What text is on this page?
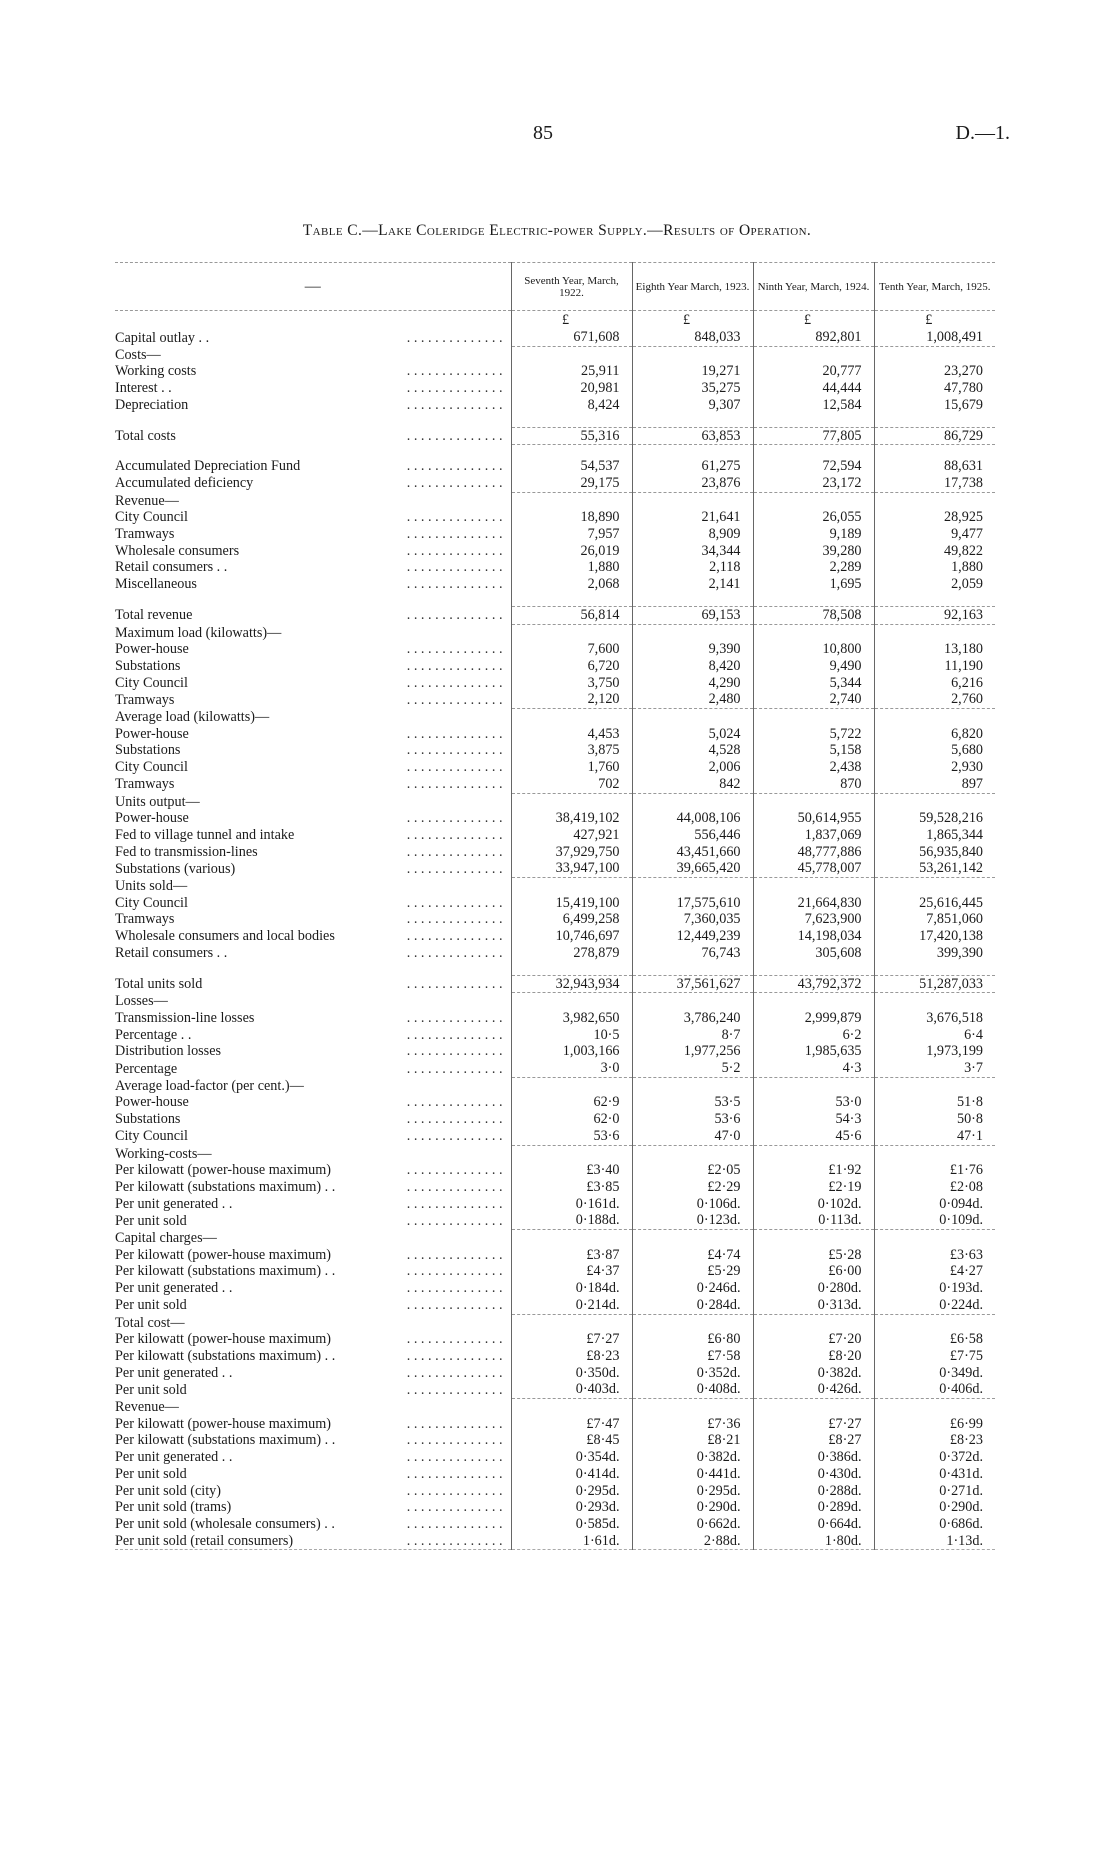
85	D.—1.
Table C.—Lake Coleridge Electric-power Supply.—Results of Operation.
—	Seventh Year, March, 1922.	Eighth Year March, 1923.	Ninth Year, March, 1924.	Tenth Year, March, 1925.
	£	£	£	£
Capital outlay . . . . . . . . . . . . . . . .	671,608	848,033	892,801	1,008,491
Costs—				
Working costs . . . . . . . . . . . . . .	25,911	19,271	20,777	23,270
Interest . . . . . . . . . . . . . . . .	20,981	35,275	44,444	47,780
Depreciation . . . . . . . . . . . . . .	8,424	9,307	12,584	15,679

Total costs . . . . . . . . . . . . . .	55,316	63,853	77,805	86,729

Accumulated Depreciation Fund . . . . . . . . . . . . . .	54,537	61,275	72,594	88,631
Accumulated deficiency . . . . . . . . . . . . . .	29,175	23,876	23,172	17,738
Revenue—				
City Council . . . . . . . . . . . . . .	18,890	21,641	26,055	28,925
Tramways . . . . . . . . . . . . . .	7,957	8,909	9,189	9,477
Wholesale consumers . . . . . . . . . . . . . .	26,019	34,344	39,280	49,822
Retail consumers . . . . . . . . . . . . . . . .	1,880	2,118	2,289	1,880
Miscellaneous . . . . . . . . . . . . . .	2,068	2,141	1,695	2,059

Total revenue . . . . . . . . . . . . . .	56,814	69,153	78,508	92,163
Maximum load (kilowatts)—				
Power-house . . . . . . . . . . . . . .	7,600	9,390	10,800	13,180
Substations . . . . . . . . . . . . . .	6,720	8,420	9,490	11,190
City Council . . . . . . . . . . . . . .	3,750	4,290	5,344	6,216
Tramways . . . . . . . . . . . . . .	2,120	2,480	2,740	2,760
Average load (kilowatts)—				
Power-house . . . . . . . . . . . . . .	4,453	5,024	5,722	6,820
Substations . . . . . . . . . . . . . .	3,875	4,528	5,158	5,680
City Council . . . . . . . . . . . . . .	1,760	2,006	2,438	2,930
Tramways . . . . . . . . . . . . . .	702	842	870	897
Units output—				
Power-house . . . . . . . . . . . . . .	38,419,102	44,008,106	50,614,955	59,528,216
Fed to village tunnel and intake . . . . . . . . . . . . . .	427,921	556,446	1,837,069	1,865,344
Fed to transmission-lines . . . . . . . . . . . . . .	37,929,750	43,451,660	48,777,886	56,935,840
Substations (various) . . . . . . . . . . . . . .	33,947,100	39,665,420	45,778,007	53,261,142
Units sold—				
City Council . . . . . . . . . . . . . .	15,419,100	17,575,610	21,664,830	25,616,445
Tramways . . . . . . . . . . . . . .	6,499,258	7,360,035	7,623,900	7,851,060
Wholesale consumers and local bodies . . . . . . . . . . . . . .	10,746,697	12,449,239	14,198,034	17,420,138
Retail consumers . . . . . . . . . . . . . . . .	278,879	76,743	305,608	399,390

Total units sold . . . . . . . . . . . . . .	32,943,934	37,561,627	43,792,372	51,287,033
Losses—				
Transmission-line losses . . . . . . . . . . . . . .	3,982,650	3,786,240	2,999,879	3,676,518
Percentage . . . . . . . . . . . . . . . .	10·5	8·7	6·2	6·4
Distribution losses . . . . . . . . . . . . . .	1,003,166	1,977,256	1,985,635	1,973,199
Percentage . . . . . . . . . . . . . .	3·0	5·2	4·3	3·7
Average load-factor (per cent.)—				
Power-house . . . . . . . . . . . . . .	62·9	53·5	53·0	51·8
Substations . . . . . . . . . . . . . .	62·0	53·6	54·3	50·8
City Council . . . . . . . . . . . . . .	53·6	47·0	45·6	47·1
Working-costs—				
Per kilowatt (power-house maximum) . . . . . . . . . . . . . .	£3·40	£2·05	£1·92	£1·76
Per kilowatt (substations maximum) . . . . . . . . . . . . . . . .	£3·85	£2·29	£2·19	£2·08
Per unit generated . . . . . . . . . . . . . . . .	0·161d.	0·106d.	0·102d.	0·094d.
Per unit sold . . . . . . . . . . . . . .	0·188d.	0·123d.	0·113d.	0·109d.
Capital charges—				
Per kilowatt (power-house maximum) . . . . . . . . . . . . . .	£3·87	£4·74	£5·28	£3·63
Per kilowatt (substations maximum) . . . . . . . . . . . . . . . .	£4·37	£5·29	£6·00	£4·27
Per unit generated . . . . . . . . . . . . . . . .	0·184d.	0·246d.	0·280d.	0·193d.
Per unit sold . . . . . . . . . . . . . .	0·214d.	0·284d.	0·313d.	0·224d.
Total cost—				
Per kilowatt (power-house maximum) . . . . . . . . . . . . . .	£7·27	£6·80	£7·20	£6·58
Per kilowatt (substations maximum) . . . . . . . . . . . . . . . .	£8·23	£7·58	£8·20	£7·75
Per unit generated . . . . . . . . . . . . . . . .	0·350d.	0·352d.	0·382d.	0·349d.
Per unit sold . . . . . . . . . . . . . .	0·403d.	0·408d.	0·426d.	0·406d.
Revenue—				
Per kilowatt (power-house maximum) . . . . . . . . . . . . . .	£7·47	£7·36	£7·27	£6·99
Per kilowatt (substations maximum) . . . . . . . . . . . . . . . .	£8·45	£8·21	£8·27	£8·23
Per unit generated . . . . . . . . . . . . . . . .	0·354d.	0·382d.	0·386d.	0·372d.
Per unit sold . . . . . . . . . . . . . .	0·414d.	0·441d.	0·430d.	0·431d.
Per unit sold (city) . . . . . . . . . . . . . .	0·295d.	0·295d.	0·288d.	0·271d.
Per unit sold (trams) . . . . . . . . . . . . . .	0·293d.	0·290d.	0·289d.	0·290d.
Per unit sold (wholesale consumers) . . . . . . . . . . . . . . . .	0·585d.	0·662d.	0·664d.	0·686d.
Per unit sold (retail consumers) . . . . . . . . . . . . . .	1·61d.	2·88d.	1·80d.	1·13d.
